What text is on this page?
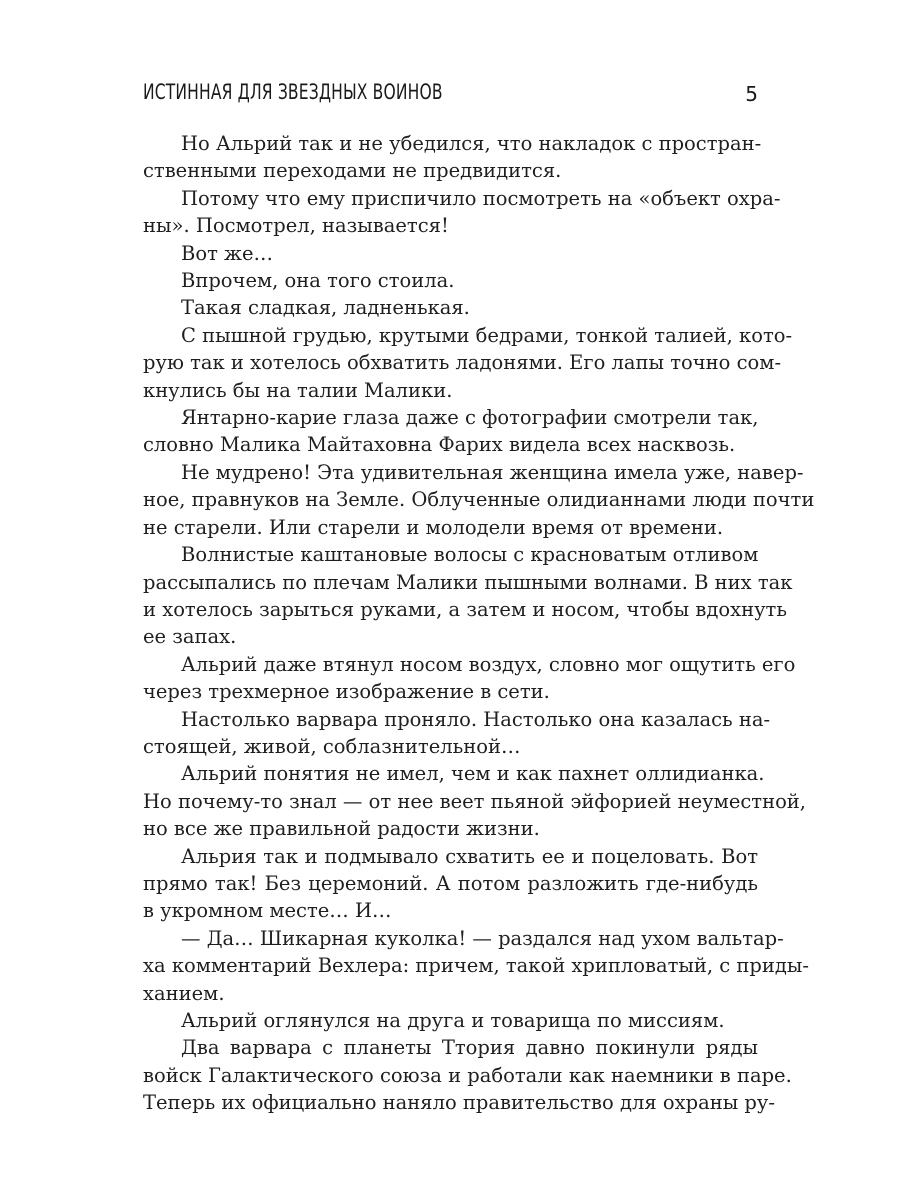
ИСТИННАЯ ДЛЯ ЗВЕЗДНЫХ ВОИНОВ	5
Но Альрий так и не убедился, что накладок с простран-
ственными переходами не предвидится.
Потому что ему приспичило посмотреть на «объект охра-
ны». Посмотрел, называется!
Вот же…
Впрочем, она того стоила.
Такая сладкая, ладненькая.
С пышной грудью, крутыми бедрами, тонкой талией, кото-
рую так и хотелось обхватить ладонями. Его лапы точно сом-
кнулись бы на талии Малики.
Янтарно-карие глаза даже с фотографии смотрели так,
словно Малика Майтаховна Фарих видела всех насквозь.
Не мудрено! Эта удивительная женщина имела уже, навер-
ное, правнуков на Земле. Облученные олидианнами люди почти
не старели. Или старели и молодели время от времени.
Волнистые каштановые волосы с красноватым отливом
рассыпались по плечам Малики пышными волнами. В них так
и хотелось зарыться руками, а затем и носом, чтобы вдохнуть
ее запах.
Альрий даже втянул носом воздух, словно мог ощутить его
через трехмерное изображение в сети.
Настолько варвара проняло. Настолько она казалась на-
стоящей, живой, соблазнительной…
Альрий понятия не имел, чем и как пахнет оллидианка.
Но почему-то знал — от нее веет пьяной эйфорией неуместной,
но все же правильной радости жизни.
Альрия так и подмывало схватить ее и поцеловать. Вот
прямо так! Без церемоний. А потом разложить где-нибудь
в укромном месте… И…
— Да… Шикарная куколка! — раздался над ухом вальтар-
ха комментарий Вехлера: причем, такой хрипловатый, с приды-
ханием.
Альрий оглянулся на друга и товарища по миссиям.
Два варвара с планеты Ттория давно покинули ряды
войск Галактического союза и работали как наемники в паре.
Теперь их официально наняло правительство для охраны ру-
